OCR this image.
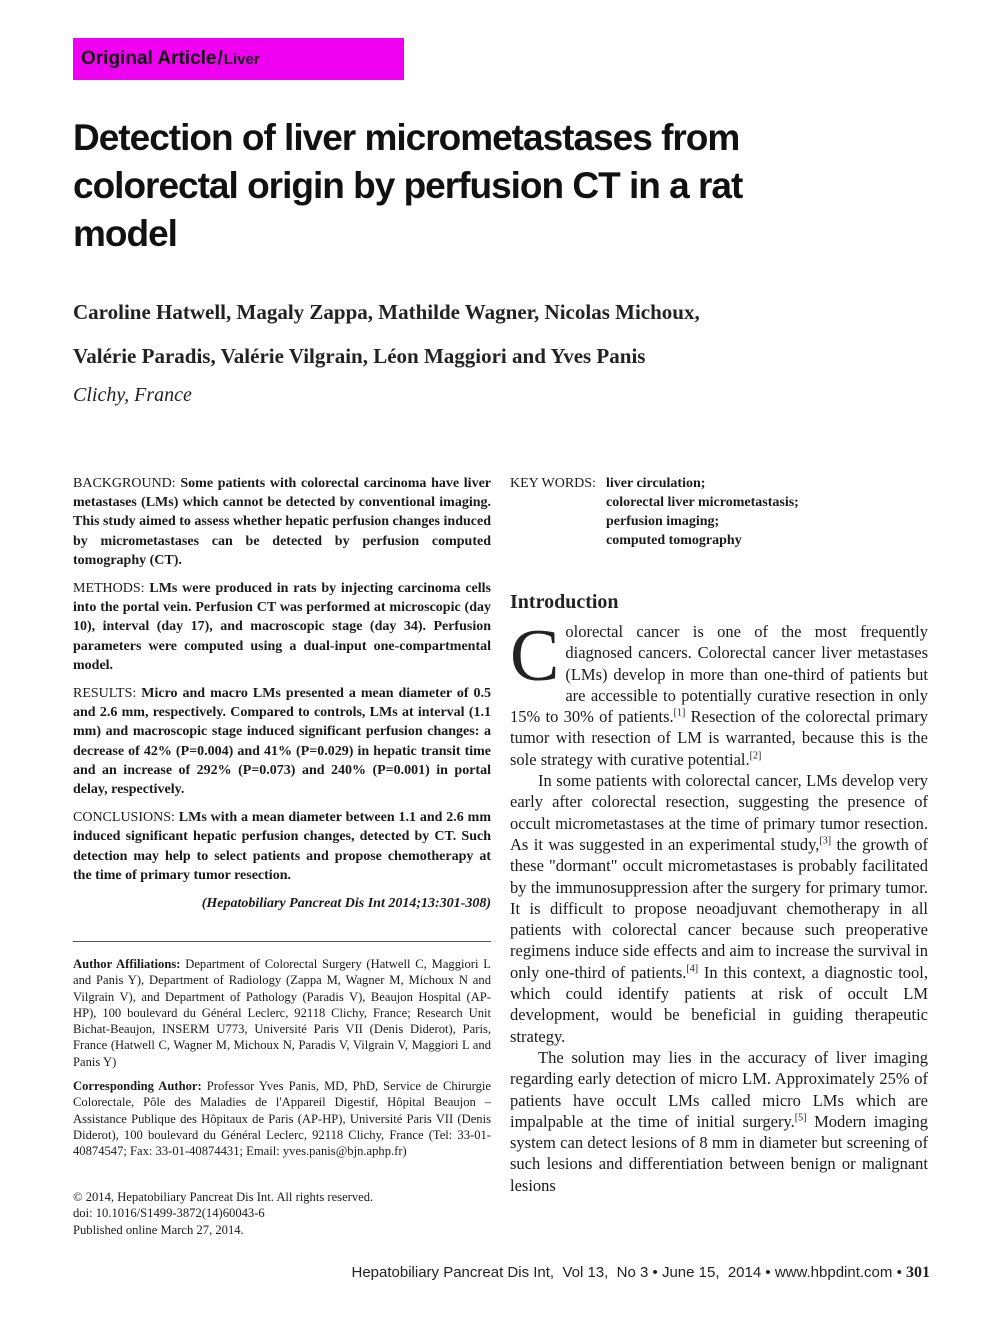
Original Article/Liver
Detection of liver micrometastases from colorectal origin by perfusion CT in a rat model
Caroline Hatwell, Magaly Zappa, Mathilde Wagner, Nicolas Michoux,
Valérie Paradis, Valérie Vilgrain, Léon Maggiori and Yves Panis
Clichy, France

BACKGROUND: Some patients with colorectal carcinoma have liver metastases (LMs) which cannot be detected by conventional imaging. This study aimed to assess whether hepatic perfusion changes induced by micrometastases can be detected by perfusion computed tomography (CT).

METHODS: LMs were produced in rats by injecting carcinoma cells into the portal vein. Perfusion CT was performed at microscopic (day 10), interval (day 17), and macroscopic stage (day 34). Perfusion parameters were computed using a dual-input one-compartmental model.

RESULTS: Micro and macro LMs presented a mean diameter of 0.5 and 2.6 mm, respectively. Compared to controls, LMs at interval (1.1 mm) and macroscopic stage induced significant perfusion changes: a decrease of 42% (P=0.004) and 41% (P=0.029) in hepatic transit time and an increase of 292% (P=0.073) and 240% (P=0.001) in portal delay, respectively.

CONCLUSIONS: LMs with a mean diameter between 1.1 and 2.6 mm induced significant hepatic perfusion changes, detected by CT. Such detection may help to select patients and propose chemotherapy at the time of primary tumor resection.

(Hepatobiliary Pancreat Dis Int 2014;13:301-308)

Author Affiliations: Department of Colorectal Surgery (Hatwell C, Maggiori L and Panis Y), Department of Radiology (Zappa M, Wagner M, Michoux N and Vilgrain V), and Department of Pathology (Paradis V), Beaujon Hospital (AP-HP), 100 boulevard du Général Leclerc, 92118 Clichy, France; Research Unit Bichat-Beaujon, INSERM U773, Université Paris VII (Denis Diderot), Paris, France (Hatwell C, Wagner M, Michoux N, Paradis V, Vilgrain V, Maggiori L and Panis Y)

Corresponding Author: Professor Yves Panis, MD, PhD, Service de Chirurgie Colorectale, Pôle des Maladies de l'Appareil Digestif, Hôpital Beaujon – Assistance Publique des Hôpitaux de Paris (AP-HP), Université Paris VII (Denis Diderot), 100 boulevard du Général Leclerc, 92118 Clichy, France (Tel: 33-01-40874547; Fax: 33-01-40874431; Email: yves.panis@bjn.aphp.fr)

© 2014, Hepatobiliary Pancreat Dis Int. All rights reserved.
doi: 10.1016/S1499-3872(14)60043-6
Published online March 27, 2014.
KEY WORDS: liver circulation;
colorectal liver micrometastasis;
perfusion imaging;
computed tomography
Introduction

Colorectal cancer is one of the most frequently diagnosed cancers. Colorectal cancer liver metastases (LMs) develop in more than one-third of patients but are accessible to potentially curative resection in only 15% to 30% of patients.[1] Resection of the colorectal primary tumor with resection of LM is warranted, because this is the sole strategy with curative potential.[2]

In some patients with colorectal cancer, LMs develop very early after colorectal resection, suggesting the presence of occult micrometastases at the time of primary tumor resection. As it was suggested in an experimental study,[3] the growth of these "dormant" occult micrometastases is probably facilitated by the immunosuppression after the surgery for primary tumor. It is difficult to propose neoadjuvant chemotherapy in all patients with colorectal cancer because such preoperative regimens induce side effects and aim to increase the survival in only one-third of patients.[4] In this context, a diagnostic tool, which could identify patients at risk of occult LM development, would be beneficial in guiding therapeutic strategy.

The solution may lies in the accuracy of liver imaging regarding early detection of micro LM. Approximately 25% of patients have occult LMs called micro LMs which are impalpable at the time of initial surgery.[5] Modern imaging system can detect lesions of 8 mm in diameter but screening of such lesions and differentiation between benign or malignant lesions

Hepatobiliary Pancreat Dis Int, Vol 13, No 3 • June 15, 2014 • www.hbpdint.com • 301
